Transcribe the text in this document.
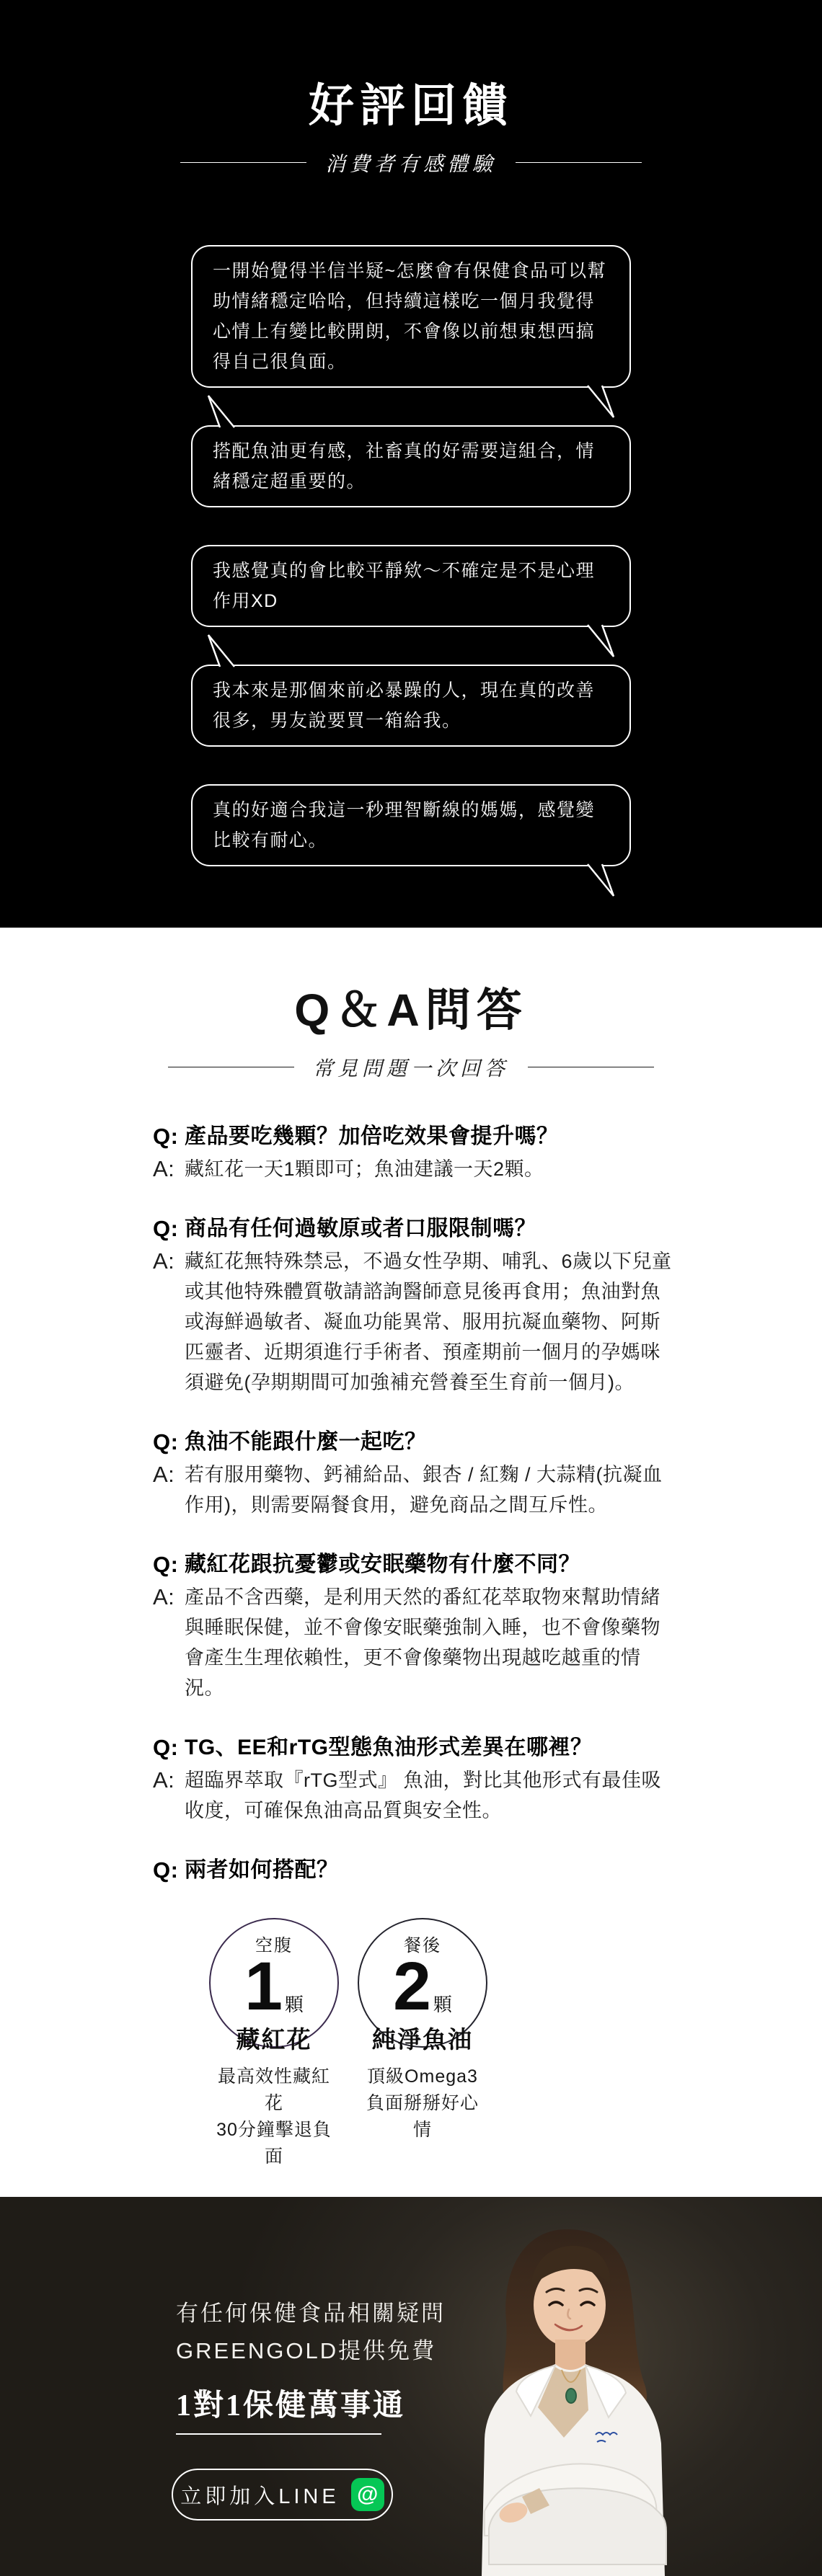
好評回饋
消費者有感體驗
一開始覺得半信半疑~怎麼會有保健食品可以幫助情緒穩定哈哈，但持續這樣吃一個月我覺得心情上有變比較開朗，不會像以前想東想西搞得自己很負面。
搭配魚油更有感，社畜真的好需要這組合，情緒穩定超重要的。
我感覺真的會比較平靜欸～不確定是不是心理作用XD
我本來是那個來前必暴躁的人，現在真的改善很多，男友說要買一箱給我。
真的好適合我這一秒理智斷線的媽媽，感覺變比較有耐心。
Q＆A問答
常見問題一次回答
Q: 產品要吃幾顆？加倍吃效果會提升嗎？
A: 藏紅花一天1顆即可；魚油建議一天2顆。
Q: 商品有任何過敏原或者口服限制嗎？
A: 藏紅花無特殊禁忌，不過女性孕期、哺乳、6歲以下兒童或其他特殊體質敬請諮詢醫師意見後再食用；魚油對魚或海鮮過敏者、凝血功能異常、服用抗凝血藥物、阿斯匹靈者、近期須進行手術者、預產期前一個月的孕媽咪須避免(孕期期間可加強補充營養至生育前一個月)。
Q: 魚油不能跟什麼一起吃？
A: 若有服用藥物、鈣補給品、銀杏 / 紅麴 / 大蒜精(抗凝血作用)，則需要隔餐食用，避免商品之間互斥性。
Q: 藏紅花跟抗憂鬱或安眠藥物有什麼不同？
A: 產品不含西藥，是利用天然的番紅花萃取物來幫助情緒與睡眠保健，並不會像安眠藥強制入睡，也不會像藥物會產生生理依賴性，更不會像藥物出現越吃越重的情況。
Q: TG、EE和rTG型態魚油形式差異在哪裡？
A: 超臨界萃取『rTG型式』 魚油，對比其他形式有最佳吸收度，可確保魚油高品質與安全性。
Q: 兩者如何搭配？
空腹
1 顆
藏紅花
餐後
2 顆
純淨魚油
最高效性藏紅花
30分鐘擊退負面
頂級Omega3
負面掰掰好心情
有任何保健食品相關疑問
GREENGOLD提供免費
1對1保健萬事通
立即加入LINE @
